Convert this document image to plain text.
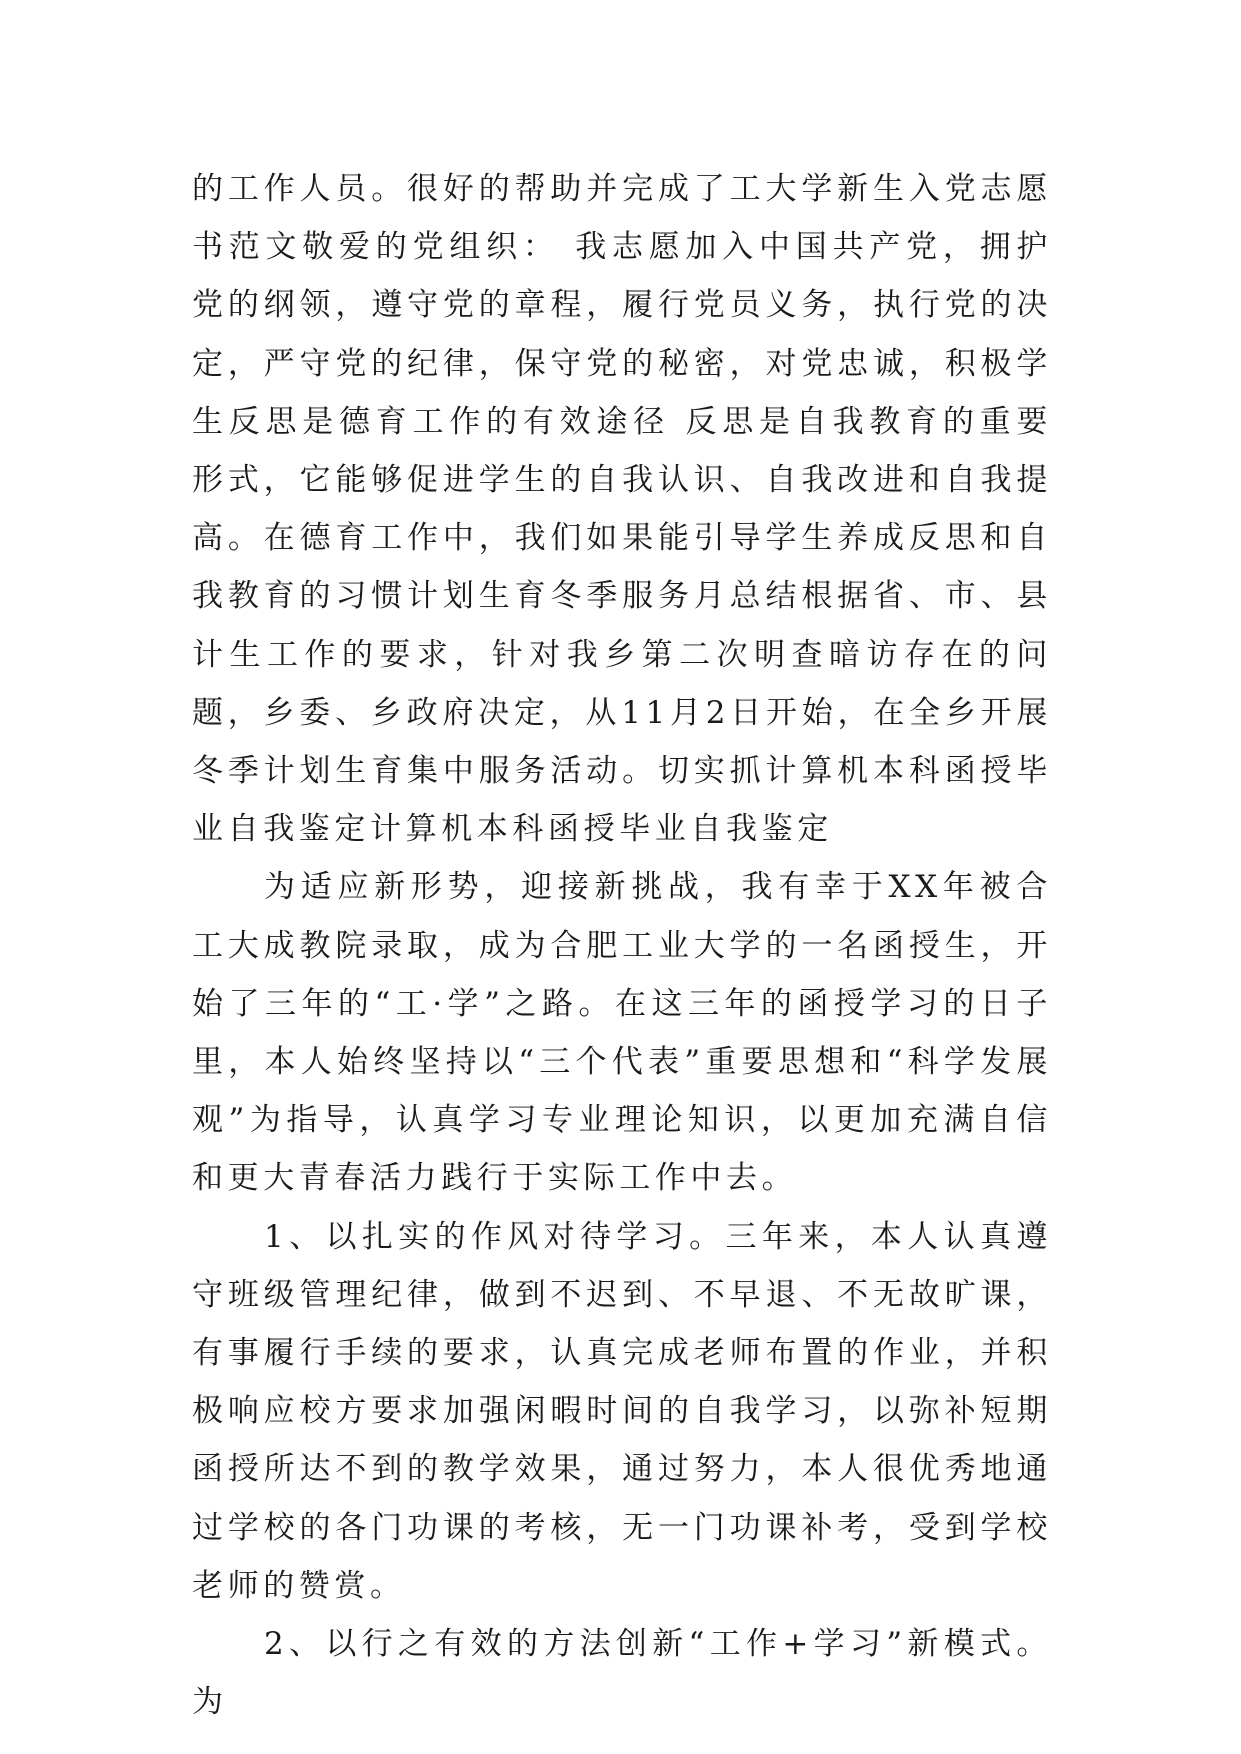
的工作人员。很好的帮助并完成了工大学新生入党志愿书范文敬爱的党组织： 我志愿加入中国共产党，拥护党的纲领，遵守党的章程，履行党员义务，执行党的决定，严守党的纪律，保守党的秘密，对党忠诚，积极学生反思是德育工作的有效途径 反思是自我教育的重要形式，它能够促进学生的自我认识、自我改进和自我提高。在德育工作中，我们如果能引导学生养成反思和自我教育的习惯计划生育冬季服务月总结根据省、市、县计生工作的要求，针对我乡第二次明查暗访存在的问题，乡委、乡政府决定，从11月2日开始，在全乡开展冬季计划生育集中服务活动。切实抓计算机本科函授毕业自我鉴定计算机本科函授毕业自我鉴定

为适应新形势，迎接新挑战，我有幸于XX年被合工大成教院录取，成为合肥工业大学的一名函授生，开始了三年的“工·学”之路。在这三年的函授学习的日子里，本人始终坚持以“三个代表”重要思想和“科学发展观”为指导，认真学习专业理论知识，以更加充满自信和更大青春活力践行于实际工作中去。

1、以扎实的作风对待学习。三年来，本人认真遵守班级管理纪律，做到不迟到、不早退、不无故旷课，有事履行手续的要求，认真完成老师布置的作业，并积极响应校方要求加强闲暇时间的自我学习，以弥补短期函授所达不到的教学效果，通过努力，本人很优秀地通过学校的各门功课的考核，无一门功课补考，受到学校老师的赞赏。

2、以行之有效的方法创新“工作+学习”新模式。为
